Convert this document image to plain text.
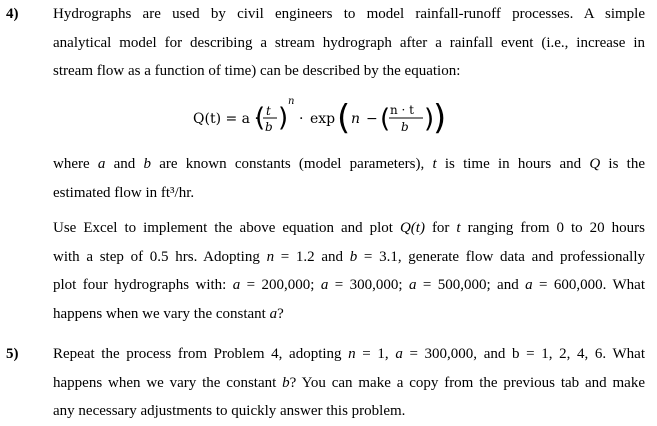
4) Hydrographs are used by civil engineers to model rainfall-runoff processes. A simple
analytical model for describing a stream hydrograph after a rainfall event (i.e., increase in
stream flow as a function of time) can be described by the equation:
Q(t) = a ·
( t
b )
n
· exp ( n − ( n · t
b )
)
where a and b are known constants (model parameters), t is time in hours and Q is the
estimated flow in ft³/hr.
Use Excel to implement the above equation and plot Q(t) for t ranging from 0 to 20 hours
with a step of 0.5 hrs. Adopting n = 1.2 and b = 3.1, generate flow data and professionally
plot four hydrographs with: a = 200,000; a = 300,000; a = 500,000; and a = 600,000. What
happens when we vary the constant a?
5) Repeat the process from Problem 4, adopting n = 1, a = 300,000, and b = 1, 2, 4, 6. What
happens when we vary the constant b? You can make a copy from the previous tab and make
any necessary adjustments to quickly answer this problem.
